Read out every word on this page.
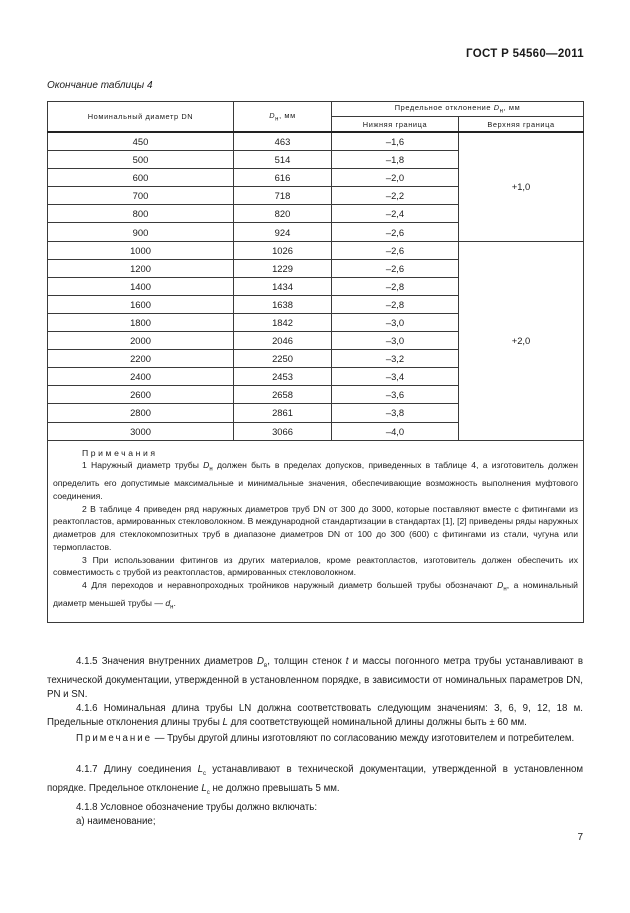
ГОСТ Р 54560—2011
Окончание таблицы 4
Номинальный диаметр DN	$D_н$, мм	Предельное отклонение $D_н$, мм	
		Нижняя граница	Верхняя граница
450	463	–1,6	+1,0
500	514	–1,8	
600	616	–2,0	
700	718	–2,2	
800	820	–2,4	
900	924	–2,6	
1000	1026	–2,6	+2,0
1200	1229	–2,6	
1400	1434	–2,8	
1600	1638	–2,8	
1800	1842	–3,0	
2000	2046	–3,0	
2200	2250	–3,2	
2400	2453	–3,4	
2600	2658	–3,6	
2800	2861	–3,8	
3000	3066	–4,0	

Примечания

1 Наружный диаметр трубы $D_н$ должен быть в пределах допусков, приведенных в таблице 4, а изготовитель должен определить его допустимые максимальные и минимальные значения, обеспечивающие возможность выполнения муфтового соединения.

2 В таблице 4 приведен ряд наружных диаметров труб DN от 300 до 3000, которые поставляют вместе с фитингами из реактопластов, армированных стекловолокном. В международной стандартизации в стандартах [1], [2] приведены ряды наружных диаметров для стеклокомпозитных труб в диапазоне диаметров DN от 100 до 300 (600) с фитингами из стали, чугуна или термопластов.

3 При использовании фитингов из других материалов, кроме реактопластов, изготовитель должен обеспечить их совместимость с трубой из реактопластов, армированных стекловолокном.

4 Для переходов и неравнопроходных тройников наружный диаметр большей трубы обозначают $D_н$, а номинальный диаметр меньшей трубы — $d_н$.			

4.1.5 Значения внутренних диаметров $D_в$, толщин стенок t и массы погонного метра трубы устанавливают в технической документации, утвержденной в установленном порядке, в зависимости от номинальных параметров DN, PN и SN.

4.1.6 Номинальная длина трубы LN должна соответствовать следующим значениям: 3, 6, 9, 12, 18 м. Предельные отклонения длины трубы L для соответствующей номинальной длины должны быть ± 60 мм.

Примечание — Трубы другой длины изготовляют по согласованию между изготовителем и потребителем.

4.1.7 Длину соединения $L_c$ устанавливают в технической документации, утвержденной в установленном порядке. Предельное отклонение $L_c$ не должно превышать 5 мм.

4.1.8 Условное обозначение трубы должно включать:

а) наименование;

7
